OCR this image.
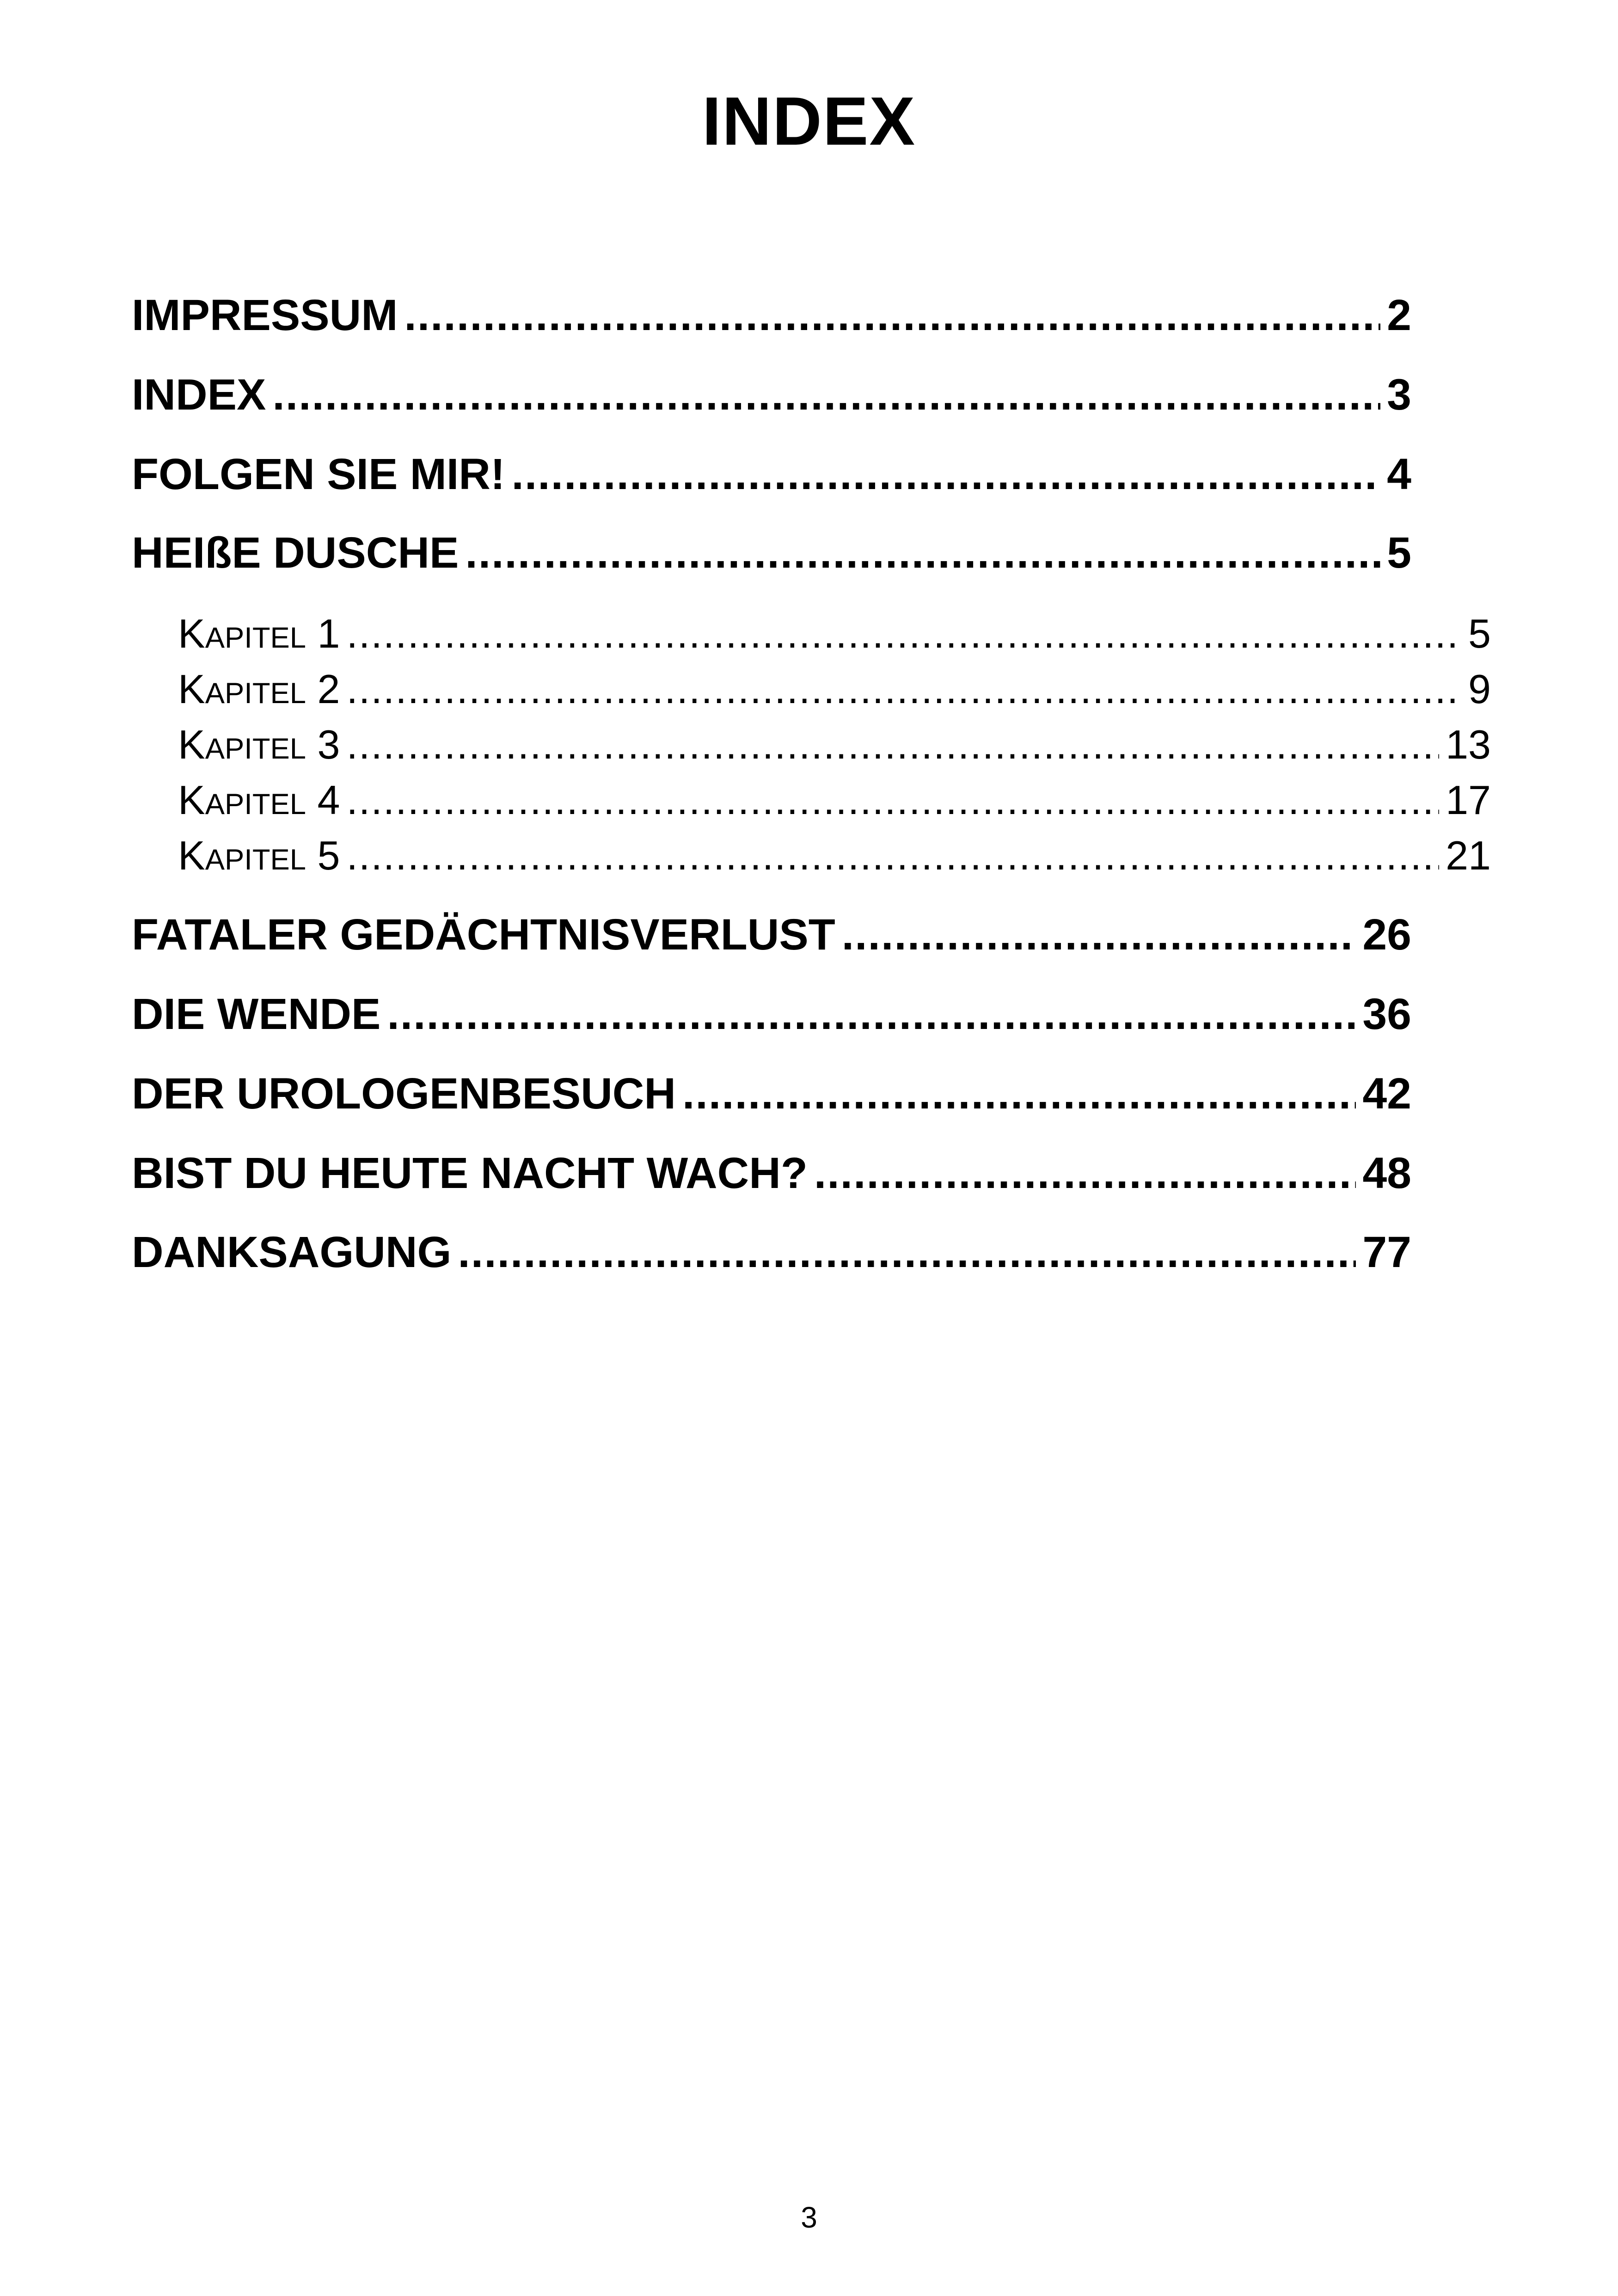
INDEX
IMPRESSUM .....	2
INDEX .....	3
FOLGEN SIE MIR! .....	4
HEIßE DUSCHE .....	5
KAPITEL 1 .....	5
KAPITEL 2 .....	9
KAPITEL 3 .....	13
KAPITEL 4 .....	17
KAPITEL 5 .....	21
FATALER GEDÄCHTNISVERLUST .....	26
DIE WENDE .....	36
DER UROLOGENBESUCH .....	42
BIST DU HEUTE NACHT WACH? .....	48
DANKSAGUNG .....	77
3
